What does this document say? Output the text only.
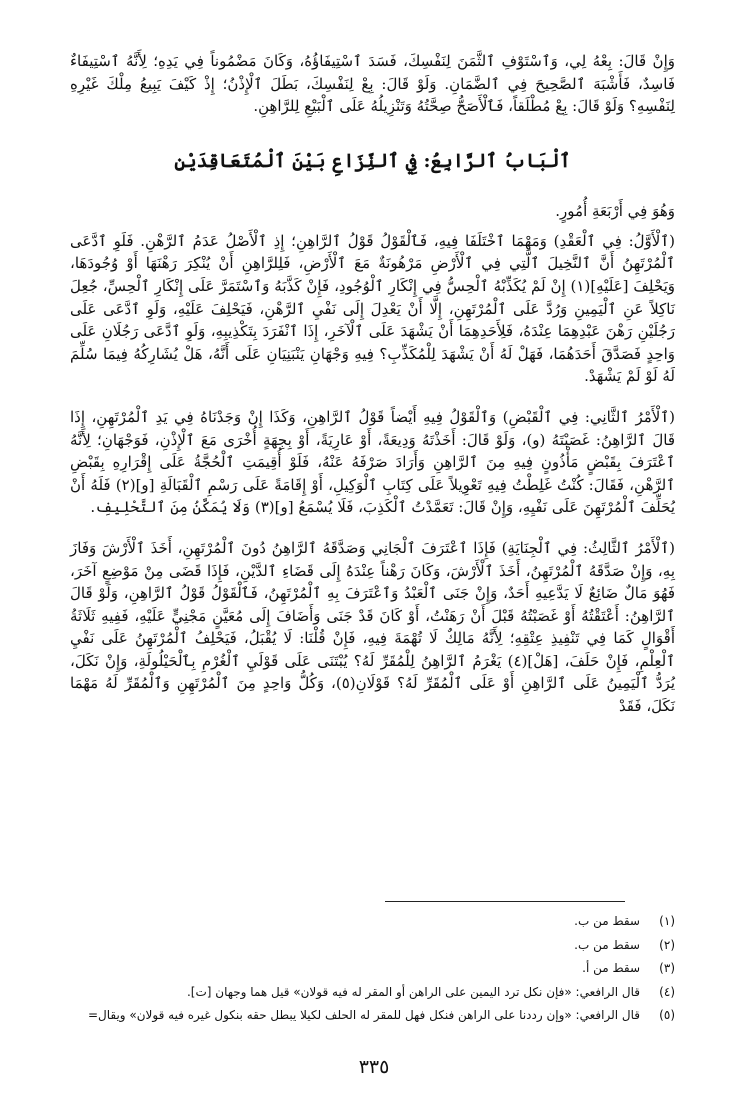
وَإِنْ قَالَ: بِعْهُ لِي، وَٱسْتَوْفِ ٱلثَّمَنَ لِنَفْسِكَ، فَسَدَ ٱسْتِيفَاؤُهُ، وَكَانَ مَضْمُوناً فِي يَدِهِ؛ لِأَنَّهُ ٱسْتِيفَاءٌ فَاسِدٌ، فَأَشْبَهَ ٱلصَّحِيحَ فِي ٱلضَّمَانِ. وَلَوْ قَالَ: بِعْ لِنَفْسِكَ، بَطَلَ ٱلْإِذْنُ؛ إِذْ كَيْفَ يَبِيعُ مِلْكَ غَيْرِهِ لِنَفْسِهِ؟ وَلَوْ قَالَ: بِعْ مُطْلَقاً، فَٱلْأَصَحُّ صِحَّتُهُ وَتَنْزِيلُهُ عَلَى ٱلْبَيْعِ لِلرَّاهِنِ.

ٱلْبَابُ ٱلرَّابِعُ: فِي ٱلنِّزَاعِ بَيْنَ ٱلْمُتَعَاقِدَيْنِ

وَهُوَ فِي أَرْبَعَةِ أُمُورٍ.

(ٱلْأَوَّلُ: فِي ٱلْعَقْدِ) وَمَهْمَا ٱخْتَلَفَا فِيهِ، فَٱلْقَوْلُ قَوْلُ ٱلرَّاهِنِ؛ إِذِ ٱلْأَصْلُ عَدَمُ ٱلرَّهْنِ. فَلَوِ ٱدَّعَى ٱلْمُرْتَهِنُ أَنَّ ٱلنَّخِيلَ ٱلَّتِي فِي ٱلْأَرْضِ مَرْهُونَةٌ مَعَ ٱلْأَرْضِ، فَلِلرَّاهِنِ أَنْ يُنْكِرَ رَهْنَهَا أَوْ وُجُودَهَا، وَيَحْلِفَ [عَلَيْهِ](١) إِنْ لَمْ يُكَذِّبْهُ ٱلْحِسُّ فِي إِنْكَارِ ٱلْوُجُودِ، فَإِنْ كَذَّبَهُ وَٱسْتَمَرَّ عَلَى إِنْكَارِ ٱلْحِسِّ، جُعِلَ نَاكِلاً عَنِ ٱلْيَمِينِ وَرُدَّ عَلَى ٱلْمُرْتَهِنِ، إِلَّا أَنْ يَعْدِلَ إِلَى نَفْيِ ٱلرَّهْنِ، فَيَحْلِفَ عَلَيْهِ، وَلَوِ ٱدَّعَى عَلَى رَجُلَيْنِ رَهْنَ عَبْدِهِمَا عِنْدَهُ، فَلِأَحَدِهِمَا أَنْ يَشْهَدَ عَلَى ٱلْآخَرِ، إِذَا ٱنْفَرَدَ بِتَكْذِيبِهِ، وَلَوِ ٱدَّعَى رَجُلَانِ عَلَى وَاحِدٍ فَصَدَّقَ أَحَدَهُمَا، فَهَلْ لَهُ أَنْ يَشْهَدَ لِلْمُكَذِّبِ؟ فِيهِ وَجْهَانِ يَنْبَنِيَانِ عَلَى أَنَّهُ، هَلْ يُشَارِكُهُ فِيمَا سُلِّمَ لَهُ لَوْ لَمْ يَشْهَدْ.

(ٱلْأَمْرُ ٱلثَّانِي: فِي ٱلْقَبْضِ) وَٱلْقَوْلُ فِيهِ أَيْضاً قَوْلُ ٱلرَّاهِنِ، وَكَذَا إِنْ وَجَدْنَاهُ فِي يَدِ ٱلْمُرْتَهِنِ، إِذَا قَالَ ٱلرَّاهِنُ: غَصَبْتَهُ (و)، وَلَوْ قَالَ: أَخَذْتَهُ وَدِيعَةً، أَوْ عَارِيَةً، أَوْ بِجِهَةٍ أُخْرَى مَعَ ٱلْإِذْنِ، فَوَجْهَانِ؛ لِأَنَّهُ ٱعْتَرَفَ بِقَبْضٍ مَأْذُونٍ فِيهِ مِنَ ٱلرَّاهِنِ وَأَرَادَ صَرْفَهُ عَنْهُ، فَلَوْ أُقِيمَتِ ٱلْحُجَّةُ عَلَى إِقْرَارِهِ بِقَبْضِ ٱلرَّهْنِ، فَقَالَ: كُنْتُ غَلِطْتُ فِيهِ تَعْوِيلاً عَلَى كِتَابِ ٱلْوَكِيلِ، أَوْ إِقَامَةً عَلَى رَسْمِ ٱلْقَبَالَةِ [و](٢) فَلَهُ أَنْ يُحَلِّفَ ٱلْمُرْتَهِنَ عَلَى نَفْيِهِ، وَإِنْ قَالَ: تَعَمَّدْتُ ٱلْكَذِبَ، فَلَا يُسْمَعُ [و](٣) وَلَا يُمَكَّنُ مِنَ ٱلتَّحْلِيفِ.

(ٱلْأَمْرُ ٱلثَّالِثُ: فِي ٱلْجِنَايَةِ) فَإِذَا ٱعْتَرَفَ ٱلْجَانِي وَصَدَّقَهُ ٱلرَّاهِنُ دُونَ ٱلْمُرْتَهِنِ، أَخَذَ ٱلْأَرْشَ وَفَازَ بِهِ، وَإِنْ صَدَّقَهُ ٱلْمُرْتَهِنُ، أَخَذَ ٱلْأَرْشَ، وَكَانَ رَهْناً عِنْدَهُ إِلَى قَضَاءِ ٱلدَّيْنِ، فَإِذَا قَضَى مِنْ مَوْضِعٍ آخَرَ، فَهُوَ مَالٌ ضَائِعٌ لَا يَدَّعِيهِ أَحَدٌ، وَإِنْ جَنَى ٱلْعَبْدُ وَٱعْتَرَفَ بِهِ ٱلْمُرْتَهِنُ، فَٱلْقَوْلُ قَوْلُ ٱلرَّاهِنِ، وَلَوْ قَالَ ٱلرَّاهِنُ: أَعْتَقْتُهُ أَوْ غَصَبْتُهُ قَبْلَ أَنْ رَهَنْتُ، أَوْ كَانَ قَدْ جَنَى وَأَضَافَ إِلَى مُعَيَّنٍ مَجْنِيٍّ عَلَيْهِ، فَفِيهِ ثَلَاثَةُ أَقْوَالٍ كَمَا فِي تَنْفِيذِ عِتْقِهِ؛ لِأَنَّهُ مَالِكٌ لَا تُهْمَةَ فِيهِ، فَإِنْ قُلْنَا: لَا يُقْبَلُ، فَيَحْلِفُ ٱلْمُرْتَهِنُ عَلَى نَفْيِ ٱلْعِلْمِ، فَإِنْ حَلَفَ، [هَلْ](٤) يَغْرَمُ ٱلرَّاهِنُ لِلْمُقَرِّ لَهُ؟ يُبْتَنَى عَلَى قَوْلَيِ ٱلْغُرْمِ بِٱلْحَيْلُولَةِ، وَإِنْ نَكَلَ، يُرَدُّ ٱلْيَمِينُ عَلَى ٱلرَّاهِنِ أَوْ عَلَى ٱلْمُقَرِّ لَهُ؟ قَوْلَانِ(٥)، وَكُلُّ وَاحِدٍ مِنَ ٱلْمُرْتَهِنِ وَٱلْمُقَرِّ لَهُ مَهْمَا نَكَلَ، فَقَدْ

(١)
سقط من ب.
(٢)
سقط من ب.
(٣)
سقط من أ.
(٤)
قال الرافعي: «فإن نكل ترد اليمين على الراهن أو المقر له فيه قولان» قيل هما وجهان [ت].
(٥)
قال الرافعي: «وإن رددنا على الراهن فنكل فهل للمقر له الحلف لكيلا يبطل حقه بنكول غيره فيه قولان» ويقال=
٣٣٥
